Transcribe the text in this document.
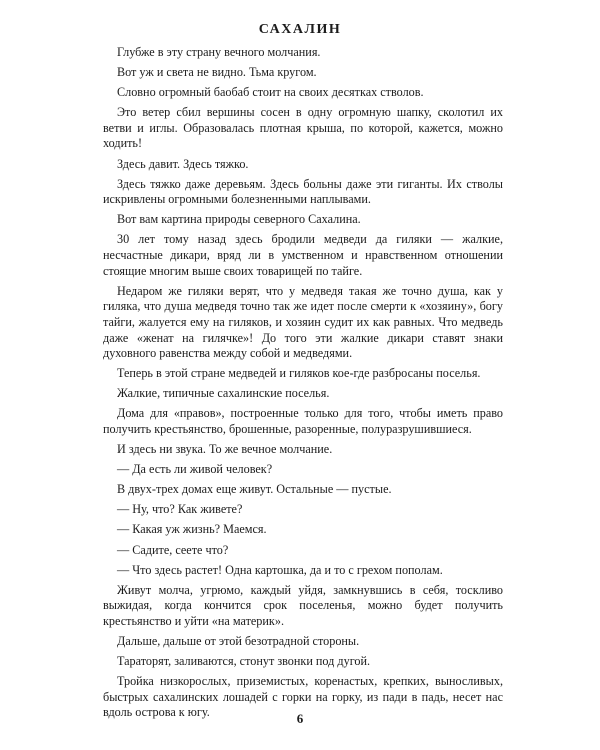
САХАЛИН

Глубже в эту страну вечного молчания.

Вот уж и света не видно. Тьма кругом.

Словно огромный баобаб стоит на своих десятках стволов.

Это ветер сбил вершины сосен в одну огромную шапку, сколотил их ветви и иглы. Образовалась плотная крыша, по которой, кажется, можно ходить!

Здесь давит. Здесь тяжко.

Здесь тяжко даже деревьям. Здесь больны даже эти гиганты. Их стволы искривлены огромными болезненными наплывами.

Вот вам картина природы северного Сахалина.

30 лет тому назад здесь бродили медведи да гиляки — жалкие, несчастные дикари, вряд ли в умственном и нравственном отношении стоящие многим выше своих товарищей по тайге.

Недаром же гиляки верят, что у медведя такая же точно душа, как у гиляка, что душа медведя точно так же идет после смерти к «хозяину», богу тайги, жалуется ему на гиляков, и хозяин судит их как равных. Что медведь даже «женат на гилячке»! До того эти жалкие дикари ставят знаки духовного равенства между собой и медведями.

Теперь в этой стране медведей и гиляков кое-где разбросаны поселья.

Жалкие, типичные сахалинские поселья.

Дома для «правов», построенные только для того, чтобы иметь право получить крестьянство, брошенные, разоренные, полуразрушившиеся.

И здесь ни звука. То же вечное молчание.

— Да есть ли живой человек?

В двух-трех домах еще живут. Остальные — пустые.

— Ну, что? Как живете?

— Какая уж жизнь? Маемся.

— Садите, сеете что?

— Что здесь растет! Одна картошка, да и то с грехом пополам.

Живут молча, угрюмо, каждый уйдя, замкнувшись в себя, тоскливо выжидая, когда кончится срок поселенья, можно будет получить крестьянство и уйти «на материк».

Дальше, дальше от этой безотрадной стороны.

Тараторят, заливаются, стонут звонки под дугой.

Тройка низкорослых, приземистых, коренастых, крепких, выносливых, быстрых сахалинских лошадей с горки на горку, из пади в падь, несет нас вдоль острова к югу.	6
